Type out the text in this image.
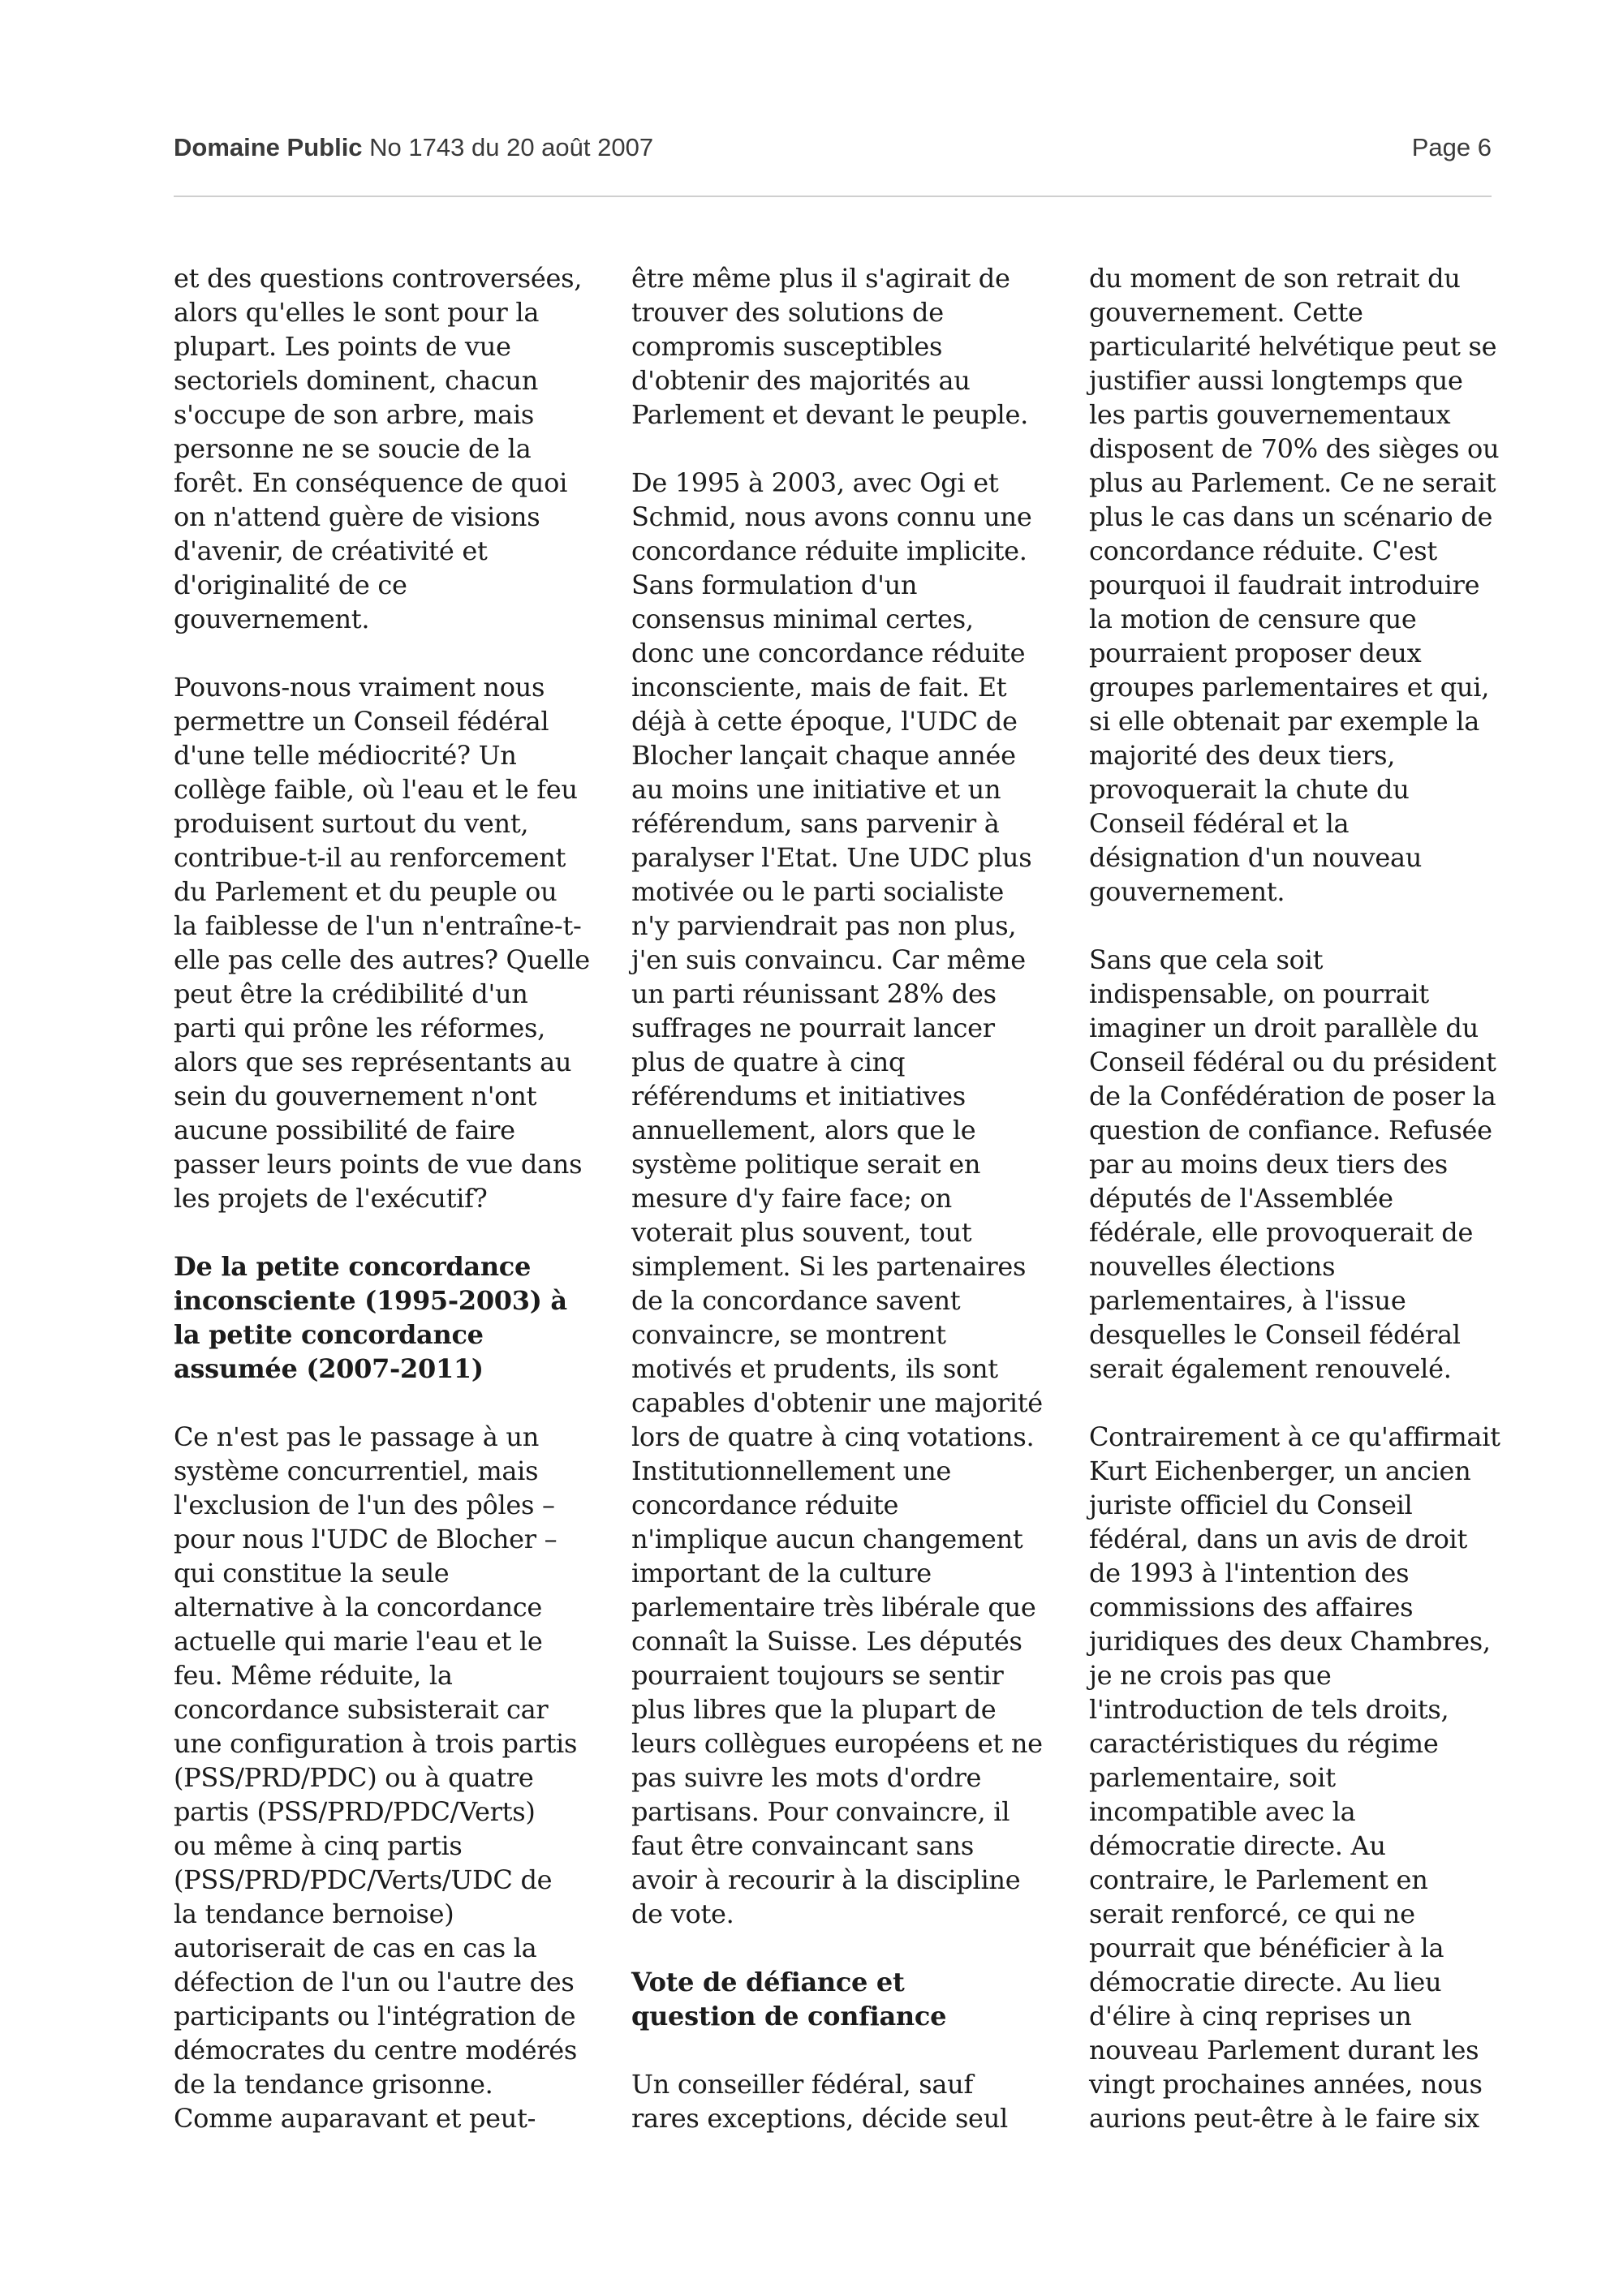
Domaine Public No 1743 du 20 août 2007	Page 6
et des questions controversées,
alors qu'elles le sont pour la
plupart. Les points de vue
sectoriels dominent, chacun
s'occupe de son arbre, mais
personne ne se soucie de la
forêt. En conséquence de quoi
on n'attend guère de visions
d'avenir, de créativité et
d'originalité de ce
gouvernement.
Pouvons-nous vraiment nous
permettre un Conseil fédéral
d'une telle médiocrité? Un
collège faible, où l'eau et le feu
produisent surtout du vent,
contribue-t-il au renforcement
du Parlement et du peuple ou
la faiblesse de l'un n'entraîne-t-
elle pas celle des autres? Quelle
peut être la crédibilité d'un
parti qui prône les réformes,
alors que ses représentants au
sein du gouvernement n'ont
aucune possibilité de faire
passer leurs points de vue dans
les projets de l'exécutif?
De la petite concordance
inconsciente (1995-2003) à
la petite concordance
assumée (2007-2011)
Ce n'est pas le passage à un
système concurrentiel, mais
l'exclusion de l'un des pôles –
pour nous l'UDC de Blocher –
qui constitue la seule
alternative à la concordance
actuelle qui marie l'eau et le
feu. Même réduite, la
concordance subsisterait car
une configuration à trois partis
(PSS/PRD/PDC) ou à quatre
partis (PSS/PRD/PDC/Verts)
ou même à cinq partis
(PSS/PRD/PDC/Verts/UDC de
la tendance bernoise)
autoriserait de cas en cas la
défection de l'un ou l'autre des
participants ou l'intégration de
démocrates du centre modérés
de la tendance grisonne.
Comme auparavant et peut-
être même plus il s'agirait de
trouver des solutions de
compromis susceptibles
d'obtenir des majorités au
Parlement et devant le peuple.
De 1995 à 2003, avec Ogi et
Schmid, nous avons connu une
concordance réduite implicite.
Sans formulation d'un
consensus minimal certes,
donc une concordance réduite
inconsciente, mais de fait. Et
déjà à cette époque, l'UDC de
Blocher lançait chaque année
au moins une initiative et un
référendum, sans parvenir à
paralyser l'Etat. Une UDC plus
motivée ou le parti socialiste
n'y parviendrait pas non plus,
j'en suis convaincu. Car même
un parti réunissant 28% des
suffrages ne pourrait lancer
plus de quatre à cinq
référendums et initiatives
annuellement, alors que le
système politique serait en
mesure d'y faire face; on
voterait plus souvent, tout
simplement. Si les partenaires
de la concordance savent
convaincre, se montrent
motivés et prudents, ils sont
capables d'obtenir une majorité
lors de quatre à cinq votations.
Institutionnellement une
concordance réduite
n'implique aucun changement
important de la culture
parlementaire très libérale que
connaît la Suisse. Les députés
pourraient toujours se sentir
plus libres que la plupart de
leurs collègues européens et ne
pas suivre les mots d'ordre
partisans. Pour convaincre, il
faut être convaincant sans
avoir à recourir à la discipline
de vote.
Vote de défiance et
question de confiance
Un conseiller fédéral, sauf
rares exceptions, décide seul
du moment de son retrait du
gouvernement. Cette
particularité helvétique peut se
justifier aussi longtemps que
les partis gouvernementaux
disposent de 70% des sièges ou
plus au Parlement. Ce ne serait
plus le cas dans un scénario de
concordance réduite. C'est
pourquoi il faudrait introduire
la motion de censure que
pourraient proposer deux
groupes parlementaires et qui,
si elle obtenait par exemple la
majorité des deux tiers,
provoquerait la chute du
Conseil fédéral et la
désignation d'un nouveau
gouvernement.
Sans que cela soit
indispensable, on pourrait
imaginer un droit parallèle du
Conseil fédéral ou du président
de la Confédération de poser la
question de confiance. Refusée
par au moins deux tiers des
députés de l'Assemblée
fédérale, elle provoquerait de
nouvelles élections
parlementaires, à l'issue
desquelles le Conseil fédéral
serait également renouvelé.
Contrairement à ce qu'affirmait
Kurt Eichenberger, un ancien
juriste officiel du Conseil
fédéral, dans un avis de droit
de 1993 à l'intention des
commissions des affaires
juridiques des deux Chambres,
je ne crois pas que
l'introduction de tels droits,
caractéristiques du régime
parlementaire, soit
incompatible avec la
démocratie directe. Au
contraire, le Parlement en
serait renforcé, ce qui ne
pourrait que bénéficier à la
démocratie directe. Au lieu
d'élire à cinq reprises un
nouveau Parlement durant les
vingt prochaines années, nous
aurions peut-être à le faire six
